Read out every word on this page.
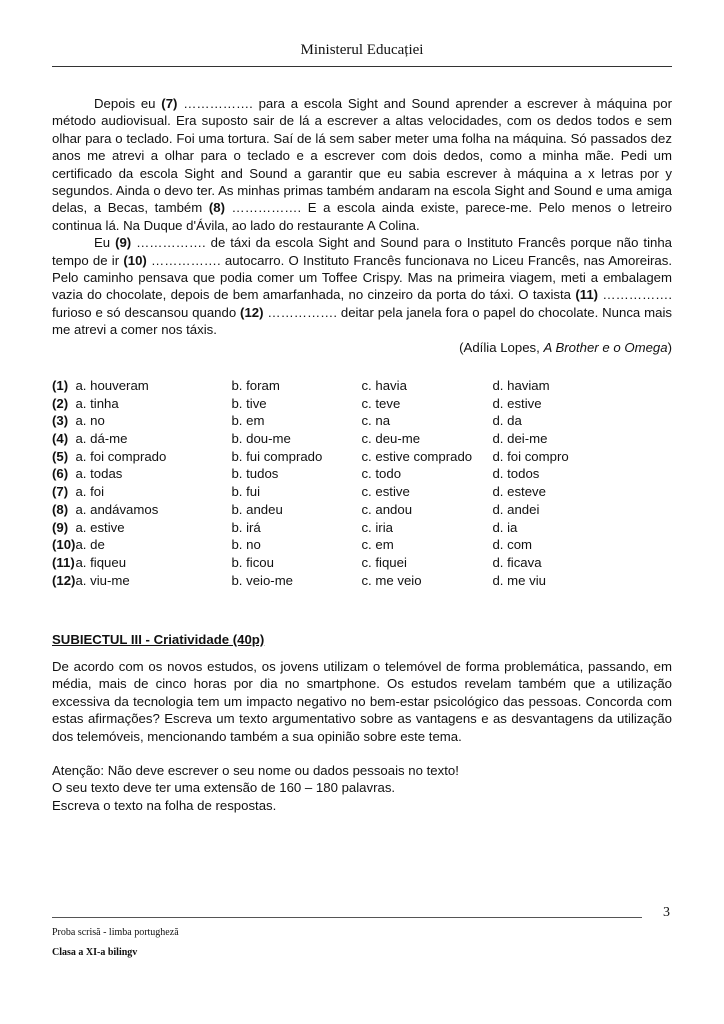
Ministerul Educației

Depois eu (7) ……………. para a escola Sight and Sound aprender a escrever à máquina por método audiovisual. Era suposto sair de lá a escrever a altas velocidades, com os dedos todos e sem olhar para o teclado. Foi uma tortura. Saí de lá sem saber meter uma folha na máquina. Só passados dez anos me atrevi a olhar para o teclado e a escrever com dois dedos, como a minha mãe. Pedi um certificado da escola Sight and Sound a garantir que eu sabia escrever à máquina a x letras por y segundos. Ainda o devo ter. As minhas primas também andaram na escola Sight and Sound e uma amiga delas, a Becas, também (8) ……………. E a escola ainda existe, parece-me. Pelo menos o letreiro continua lá. Na Duque d'Ávila, ao lado do restaurante A Colina.

Eu (9) ……………. de táxi da escola Sight and Sound para o Instituto Francês porque não tinha tempo de ir (10) ……………. autocarro. O Instituto Francês funcionava no Liceu Francês, nas Amoreiras. Pelo caminho pensava que podia comer um Toffee Crispy. Mas na primeira viagem, meti a embalagem vazia do chocolate, depois de bem amarfanhada, no cinzeiro da porta do táxi. O taxista (11) ……………. furioso e só descansou quando (12) ……………. deitar pela janela fora o papel do chocolate. Nunca mais me atrevi a comer nos táxis.

(Adília Lopes, A Brother e o Omega)

(1)	a. houveram	b. foram	c. havia	d. haviam
(2)	a. tinha	b. tive	c. teve	d. estive
(3)	a. no	b. em	c. na	d. da
(4)	a. dá-me	b. dou-me	c. deu-me	d. dei-me
(5)	a. foi comprado	b. fui comprado	c. estive comprado	d. foi compro
(6)	a. todas	b. tudos	c. todo	d. todos
(7)	a. foi	b. fui	c. estive	d. esteve
(8)	a. andávamos	b. andeu	c. andou	d. andei
(9)	a. estive	b. irá	c. iria	d. ia
(10)	a. de	b. no	c. em	d. com
(11)	a. fiqueu	b. ficou	c. fiquei	d. ficava
(12)	a. viu-me	b. veio-me	c. me veio	d. me viu
SUBIECTUL III - Criatividade (40p)

De acordo com os novos estudos, os jovens utilizam o telemóvel de forma problemática, passando, em média, mais de cinco horas por dia no smartphone. Os estudos revelam também que a utilização excessiva da tecnologia tem um impacto negativo no bem-estar psicológico das pessoas. Concorda com estas afirmações? Escreva um texto argumentativo sobre as vantagens e as desvantagens da utilização dos telemóveis, mencionando também a sua opinião sobre este tema.

Atenção: Não deve escrever o seu nome ou dados pessoais no texto!

O seu texto deve ter uma extensão de 160 – 180 palavras.

Escreva o texto na folha de respostas.

3
Proba scrisă - limba portugheză
Clasa a XI-a bilingv
